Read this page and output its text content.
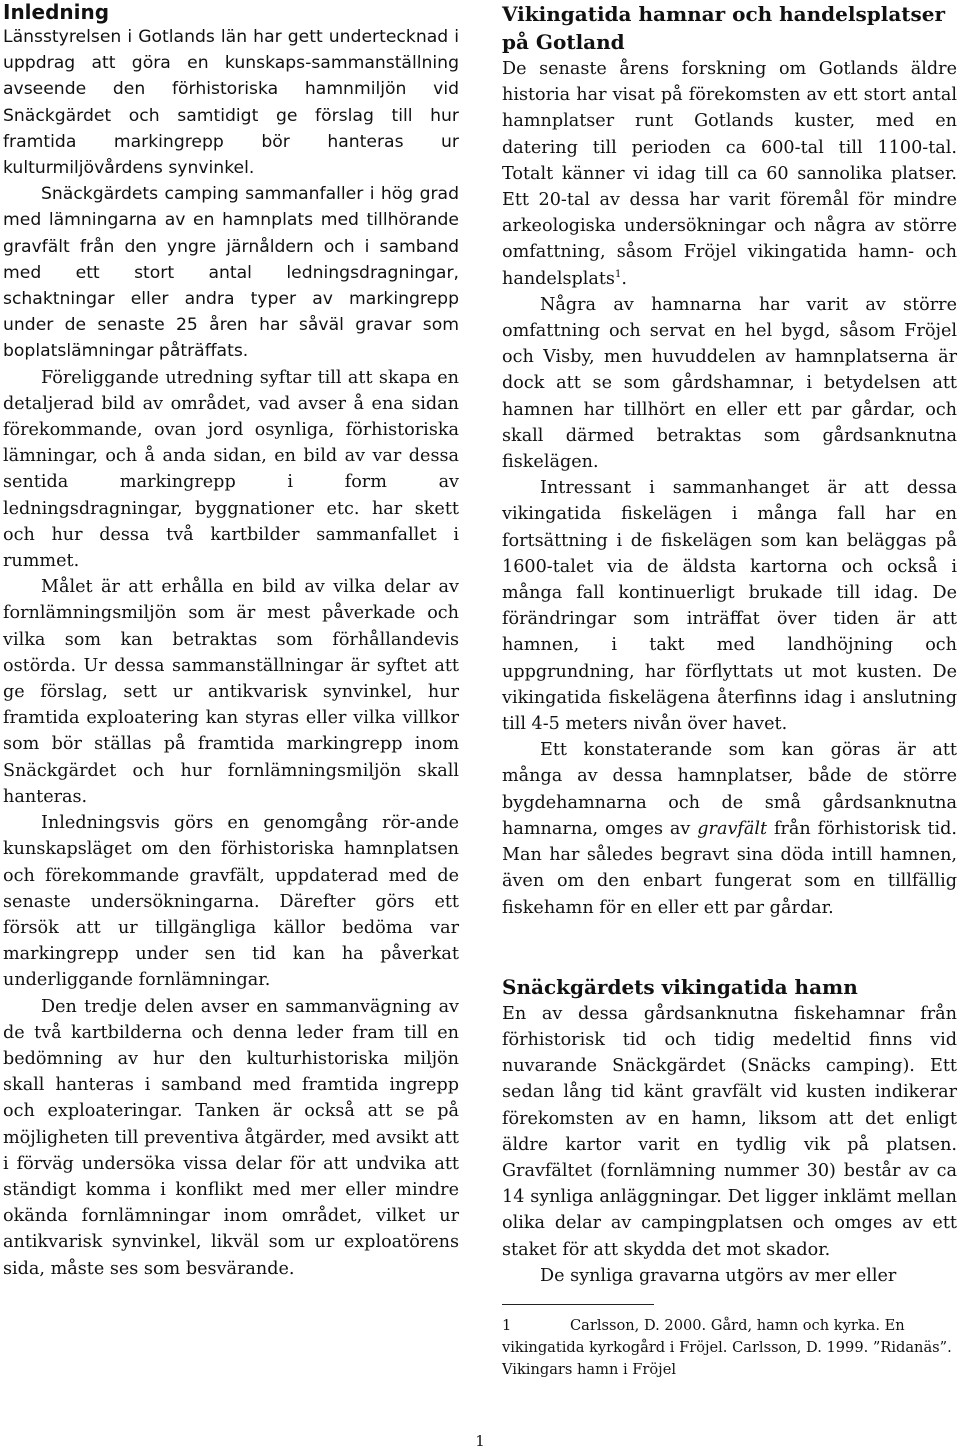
Inledning

Länsstyrelsen i Gotlands län har gett undertecknad i uppdrag att göra en kunskaps-sammanställning avseende den förhistoriska hamnmiljön vid Snäckgärdet och samtidigt ge förslag till hur framtida markingrepp bör hanteras ur kulturmiljövårdens synvinkel.

Snäckgärdets camping sammanfaller i hög grad med lämningarna av en hamnplats med tillhörande gravfält från den yngre järnåldern och i samband med ett stort antal ledningsdragningar, schaktningar eller andra typer av markingrepp under de senaste 25 åren har såväl gravar som boplatslämningar påträffats.

Föreliggande utredning syftar till att skapa en detaljerad bild av området, vad avser å ena sidan förekommande, ovan jord osynliga, förhistoriska lämningar, och å anda sidan, en bild av var dessa sentida markingrepp i form av ledningsdragningar, byggnationer etc. har skett och hur dessa två kartbilder sammanfallet i rummet.

Målet är att erhålla en bild av vilka delar av fornlämningsmiljön som är mest påverkade och vilka som kan betraktas som förhållandevis ostörda. Ur dessa sammanställningar är syftet att ge förslag, sett ur antikvarisk synvinkel, hur framtida exploatering kan styras eller vilka villkor som bör ställas på framtida markingrepp inom Snäckgärdet och hur fornlämningsmiljön skall hanteras.

Inledningsvis görs en genomgång rör-ande kunskapsläget om den förhistoriska hamnplatsen och förekommande gravfält, uppdaterad med de senaste undersökningarna. Därefter görs ett försök att ur tillgängliga källor bedöma var markingrepp under sen tid kan ha påverkat underliggande fornlämningar.

Den tredje delen avser en sammanvägning av de två kartbilderna och denna leder fram till en bedömning av hur den kulturhistoriska miljön skall hanteras i samband med framtida ingrepp och exploateringar. Tanken är också att se på möjligheten till preventiva åtgärder, med avsikt att i förväg undersöka vissa delar för att undvika att ständigt komma i konflikt med mer eller mindre okända fornlämningar inom området, vilket ur antikvarisk synvinkel, likväl som ur exploatörens sida, måste ses som besvärande.

Vikingatida hamnar och handelsplatser på Gotland

De senaste årens forskning om Gotlands äldre historia har visat på förekomsten av ett stort antal hamnplatser runt Gotlands kuster, med en datering till perioden ca 600-tal till 1100-tal. Totalt känner vi idag till ca 60 sannolika platser. Ett 20-tal av dessa har varit föremål för mindre arkeologiska undersökningar och några av större omfattning, såsom Fröjel vikingatida hamn- och handelsplats$^1$.

Några av hamnarna har varit av större omfattning och servat en hel bygd, såsom Fröjel och Visby, men huvuddelen av hamnplatserna är dock att se som gårdshamnar, i betydelsen att hamnen har tillhört en eller ett par gårdar, och skall därmed betraktas som gårdsanknutna fiskelägen.

Intressant i sammanhanget är att dessa vikingatida fiskelägen i många fall har en fortsättning i de fiskelägen som kan beläggas på 1600-talet via de äldsta kartorna och också i många fall kontinuerligt brukade till idag. De förändringar som inträffat över tiden är att hamnen, i takt med landhöjning och uppgrundning, har förflyttats ut mot kusten. De vikingatida fiskelägena återfinns idag i anslutning till 4-5 meters nivån över havet.

Ett konstaterande som kan göras är att många av dessa hamnplatser, både de större bygdehamnarna och de små gårdsanknutna hamnarna, omges av gravfält från förhistorisk tid. Man har således begravt sina döda intill hamnen, även om den enbart fungerat som en tillfällig fiskehamn för en eller ett par gårdar.

Snäckgärdets vikingatida hamn

En av dessa gårdsanknutna fiskehamnar från förhistorisk tid och tidig medeltid finns vid nuvarande Snäckgärdet (Snäcks camping). Ett sedan lång tid känt gravfält vid kusten indikerar förekomsten av en hamn, liksom att det enligt äldre kartor varit en tydlig vik på platsen. Gravfältet (fornlämning nummer 30) består av ca 14 synliga anläggningar. Det ligger inklämt mellan olika delar av campingplatsen och omges av ett staket för att skydda det mot skador.

De synliga gravarna utgörs av mer eller

1	Carlsson, D. 2000. Gård, hamn och kyrka. En vikingatida kyrkogård i Fröjel. Carlsson, D. 1999. ”Ridanäs”. Vikingars hamn i Fröjel
1
